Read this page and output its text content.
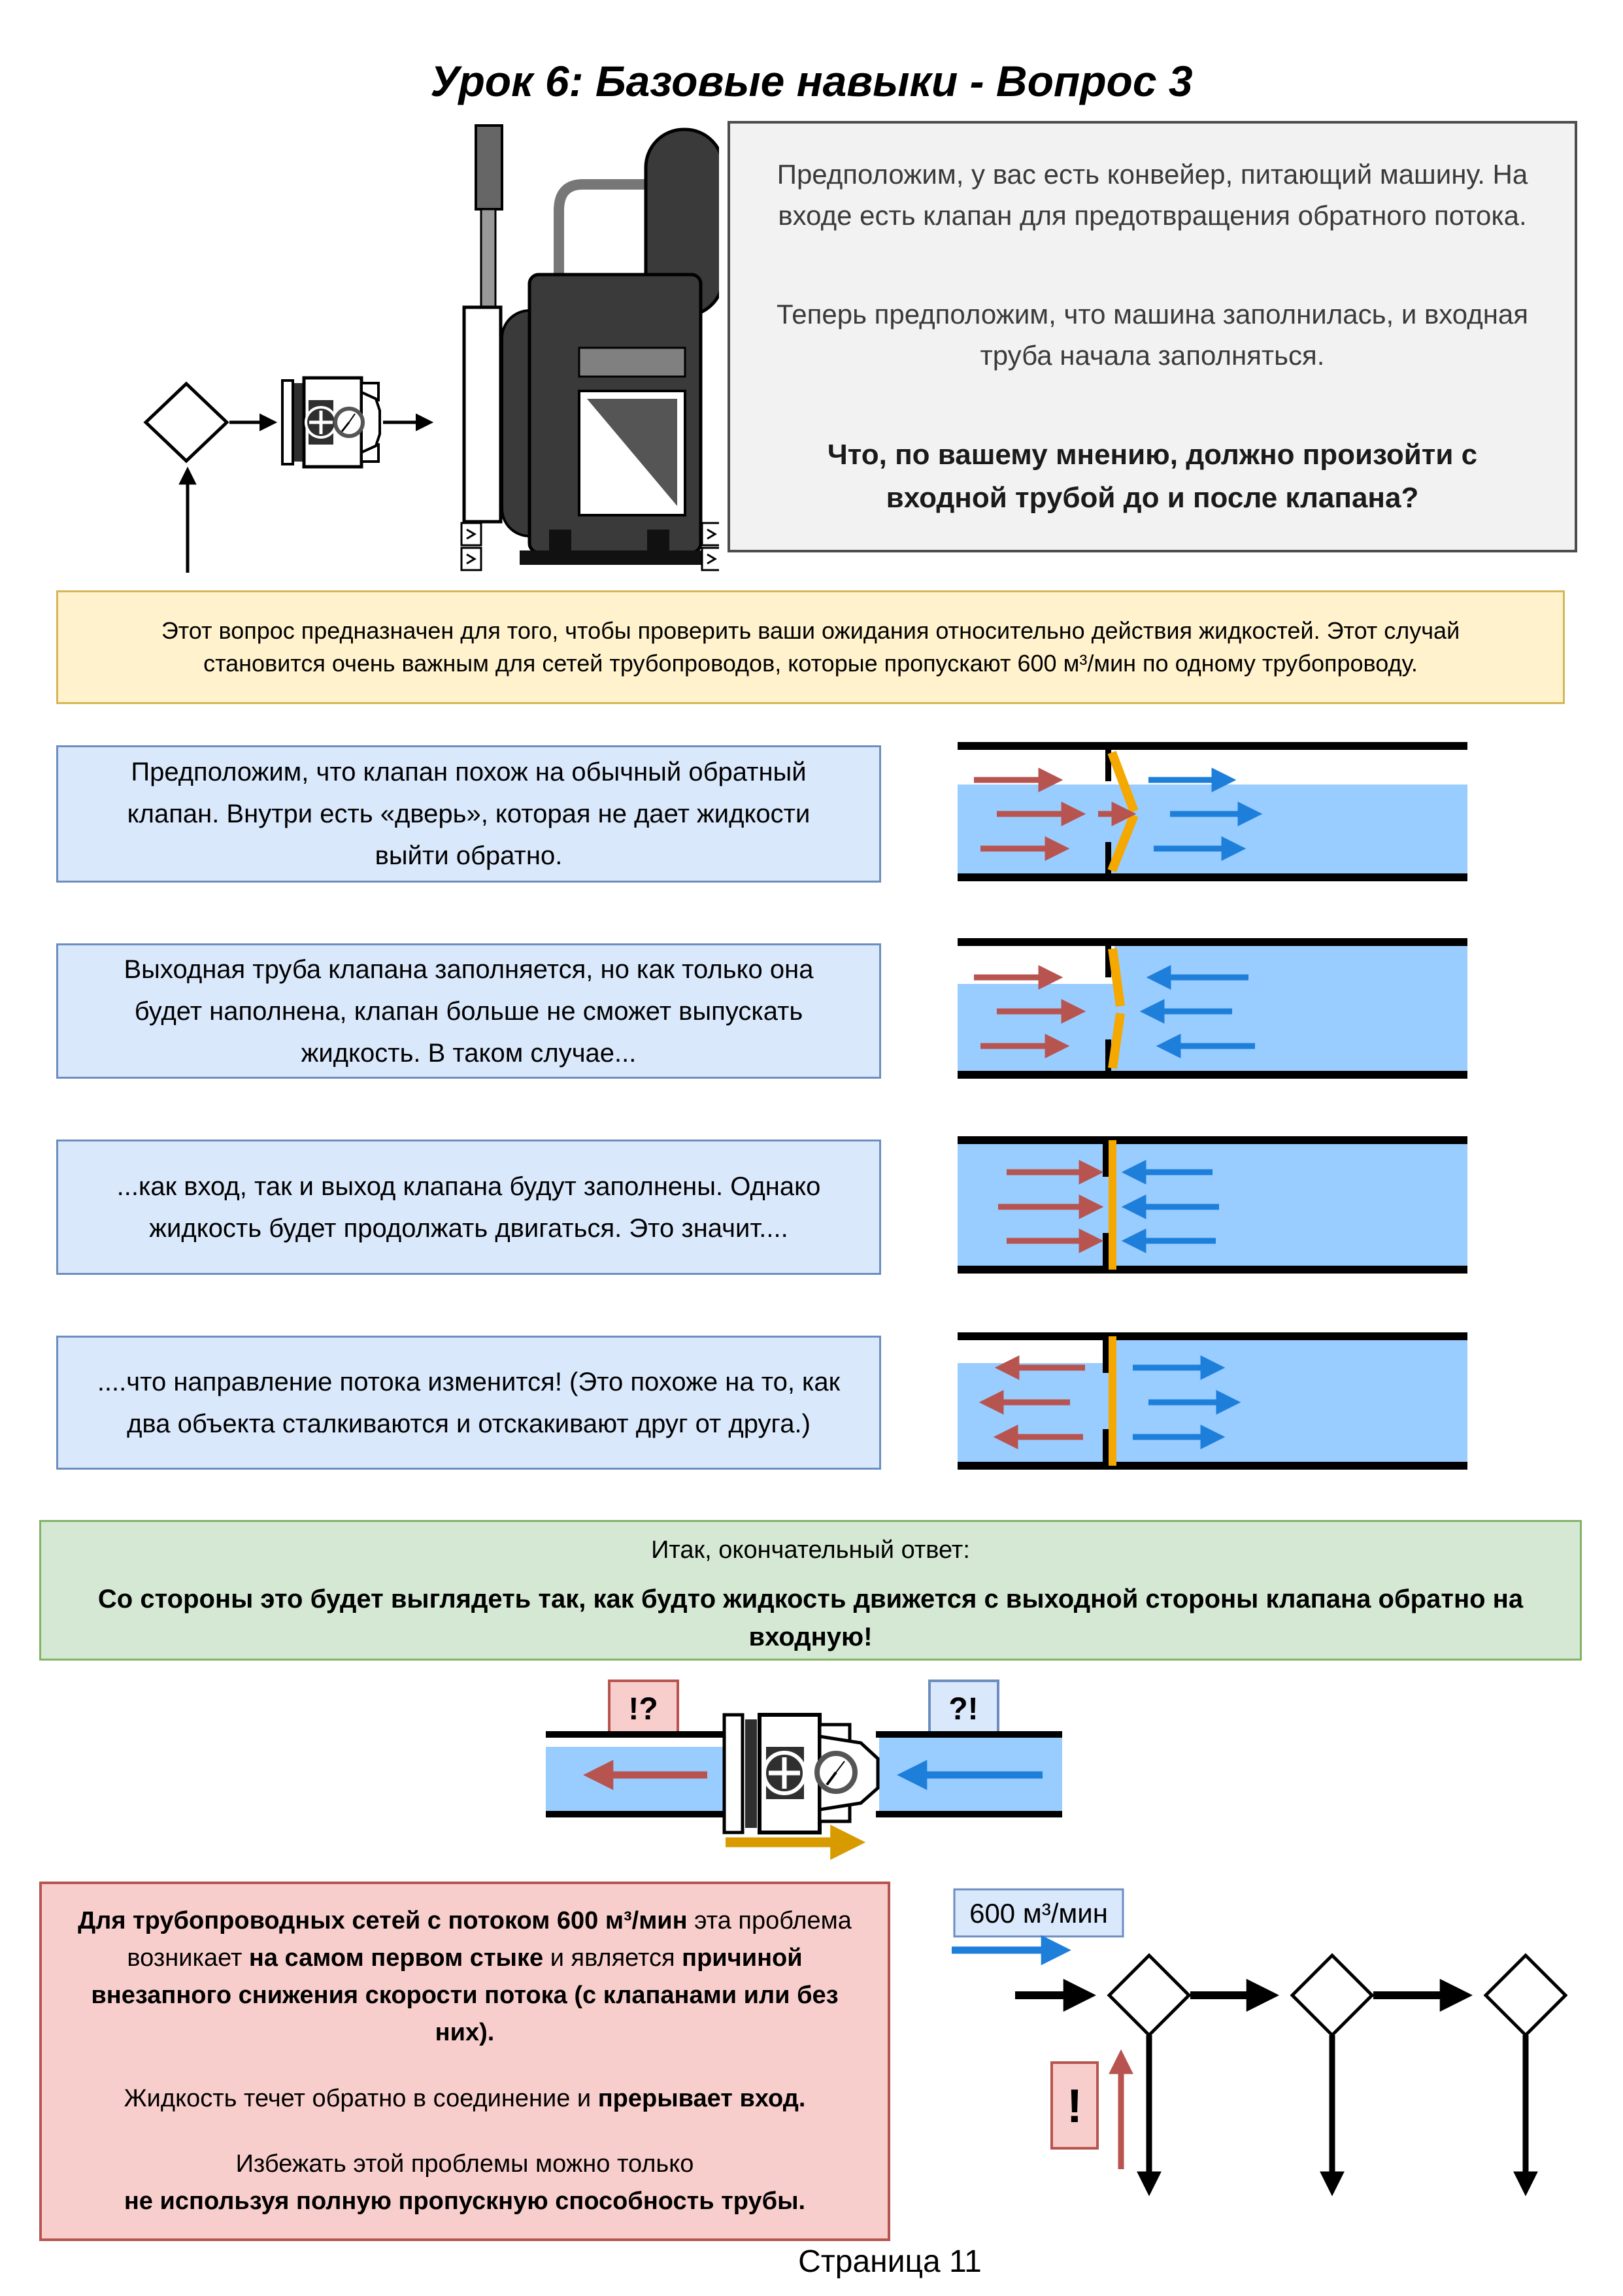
Урок 6: Базовые навыки - Вопрос 3

Предположим, у вас есть конвейер, питающий машину. На входе есть клапан для предотвращения обратного потока.

Теперь предположим, что машина заполнилась, и входная труба начала заполняться.

Что, по вашему мнению, должно произойти с входной трубой до и после клапана?

Этот вопрос предназначен для того, чтобы проверить ваши ожидания относительно действия жидкостей. Этот случай становится очень важным для сетей трубопроводов, которые пропускают 600 м³/мин по одному трубопроводу.
Предположим, что клапан похож на обычный обратный клапан. Внутри есть «дверь», которая не дает жидкости выйти обратно.
Выходная труба клапана заполняется, но как только она будет наполнена, клапан больше не сможет выпускать жидкость. В таком случае...
...как вход, так и выход клапана будут заполнены. Однако жидкость будет продолжать двигаться. Это значит....
....что направление потока изменится! (Это похоже на то, как два объекта сталкиваются и отскакивают друг от друга.)

Итак, окончательный ответ:

Со стороны это будет выглядеть так, как будто жидкость движется с выходной стороны клапана обратно на входную!

!?	?!
600 м³/мин

Для трубопроводных сетей с потоком 600 м³/мин эта проблема возникает на самом первом стыке и является причиной внезапного снижения скорости потока (с клапанами или без них).

Жидкость течет обратно в соединение и прерывает вход.

Избежать этой проблемы можно только
не используя полную пропускную способность трубы.

!
Страница 11
